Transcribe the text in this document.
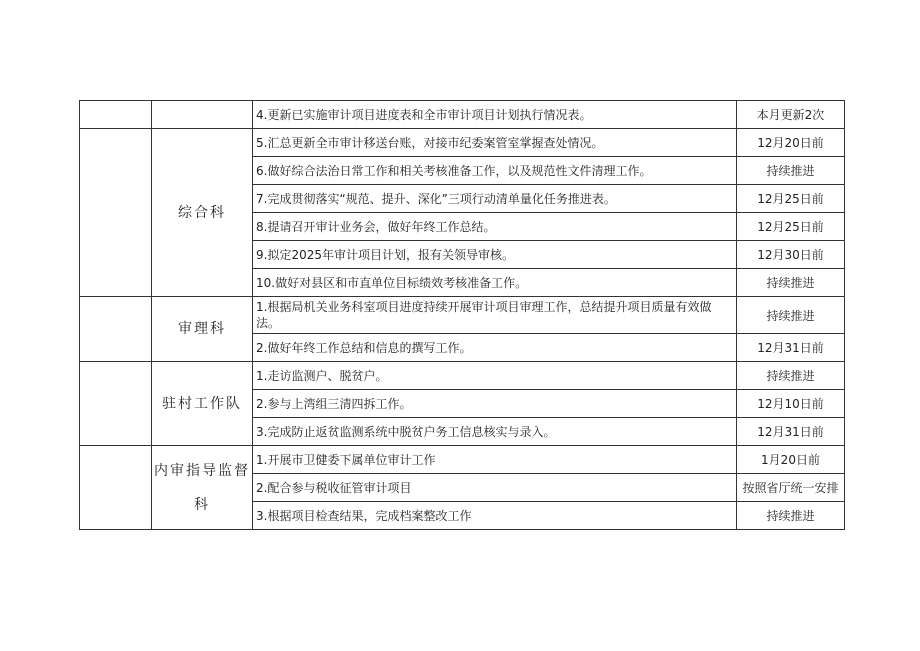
		4.更新已实施审计项目进度表和全市审计项目计划执行情况表。	本月更新2次
	综合科	5.汇总更新全市审计移送台账，对接市纪委案管室掌握查处情况。	12月20日前
		6.做好综合法治日常工作和相关考核准备工作，以及规范性文件清理工作。	持续推进
		7.完成贯彻落实“规范、提升、深化”三项行动清单量化任务推进表。	12月25日前
		8.提请召开审计业务会，做好年终工作总结。	12月25日前
		9.拟定2025年审计项目计划，报有关领导审核。	12月30日前
		10.做好对县区和市直单位目标绩效考核准备工作。	持续推进
	审理科	1.根据局机关业务科室项目进度持续开展审计项目审理工作，总结提升项目质量有效做法。	持续推进
		2.做好年终工作总结和信息的撰写工作。	12月31日前
	驻村工作队	1.走访监测户、脱贫户。	持续推进
		2.参与上湾组三清四拆工作。	12月10日前
		3.完成防止返贫监测系统中脱贫户务工信息核实与录入。	12月31日前
	内审指导监督科	1.开展市卫健委下属单位审计工作	1月20日前
		2.配合参与税收征管审计项目	按照省厅统一安排
		3.根据项目检查结果，完成档案整改工作	持续推进
